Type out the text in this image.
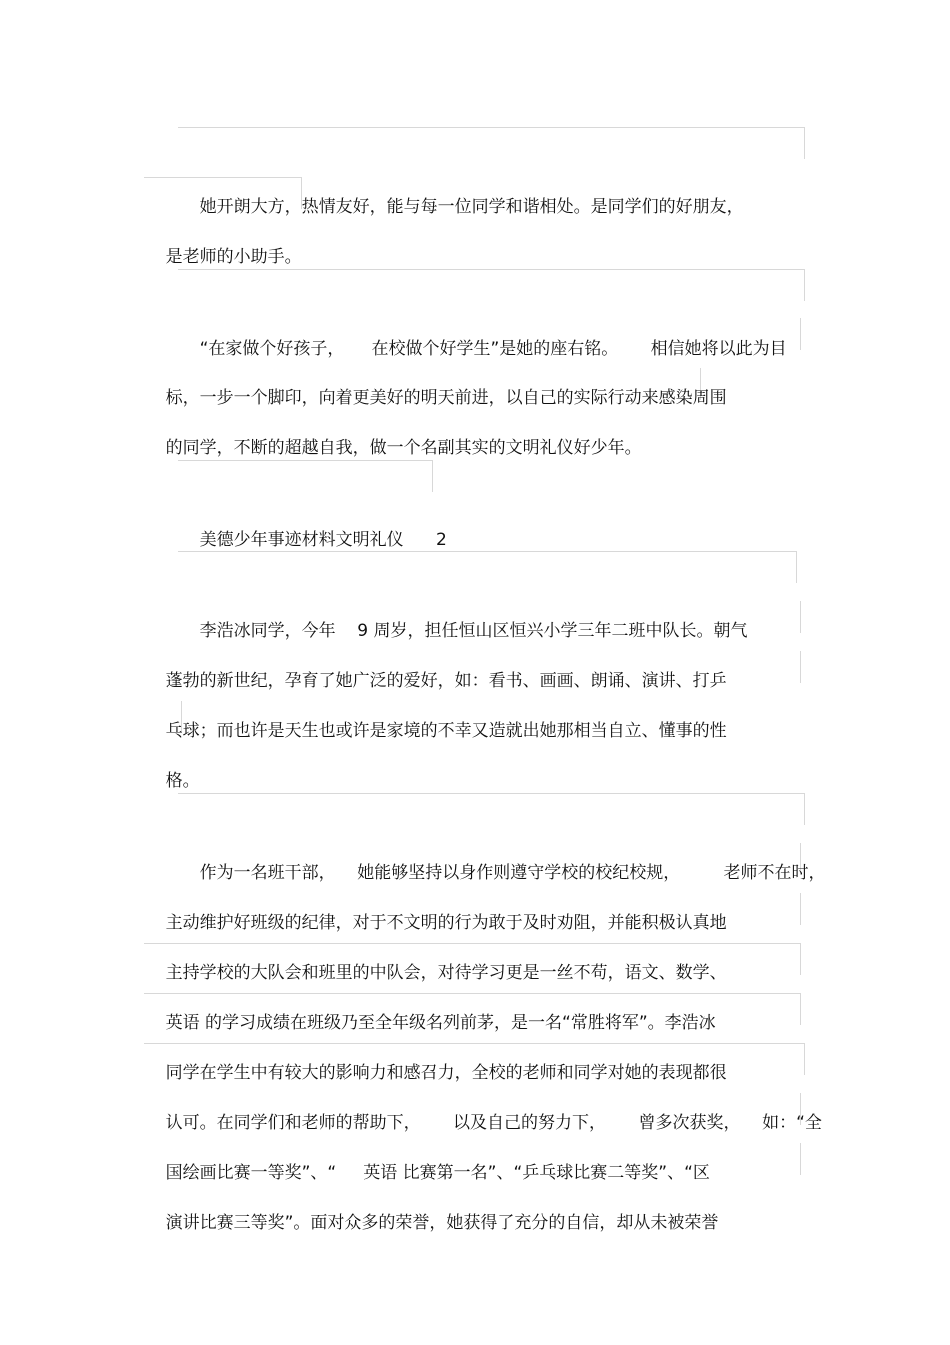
她开朗大方，热情友好，能与每一位同学和谐相处。是同学们的好朋友，

是老师的小助手。

“在家做个好孩子，     在校做个好学生”是她的座右铭。      相信她将以此为目

标，一步一个脚印，向着更美好的明天前进，以自己的实际行动来感染周围

的同学，不断的超越自我，做一个名副其实的文明礼仪好少年。

美德少年事迹材料文明礼仪      2

李浩冰同学，今年    9 周岁，担任恒山区恒兴小学三年二班中队长。朝气

蓬勃的新世纪，孕育了她广泛的爱好，如：看书、画画、朗诵、演讲、打乒

乓球；而也许是天生也或许是家境的不幸又造就出她那相当自立、懂事的性

格。

作为一名班干部，    她能够坚持以身作则遵守学校的校纪校规，        老师不在时，

主动维护好班级的纪律，对于不文明的行为敢于及时劝阻，并能积极认真地

主持学校的大队会和班里的中队会，对待学习更是一丝不苟，语文、数学、

英语 的学习成绩在班级乃至全年级名列前茅，是一名“常胜将军”。李浩冰

同学在学生中有较大的影响力和感召力，全校的老师和同学对她的表现都很

认可。在同学们和老师的帮助下，      以及自己的努力下，      曾多次获奖，    如：“全

国绘画比赛一等奖”、“     英语 比赛第一名”、“乒乓球比赛二等奖”、“区

演讲比赛三等奖”。面对众多的荣誉，她获得了充分的自信，却从未被荣誉
